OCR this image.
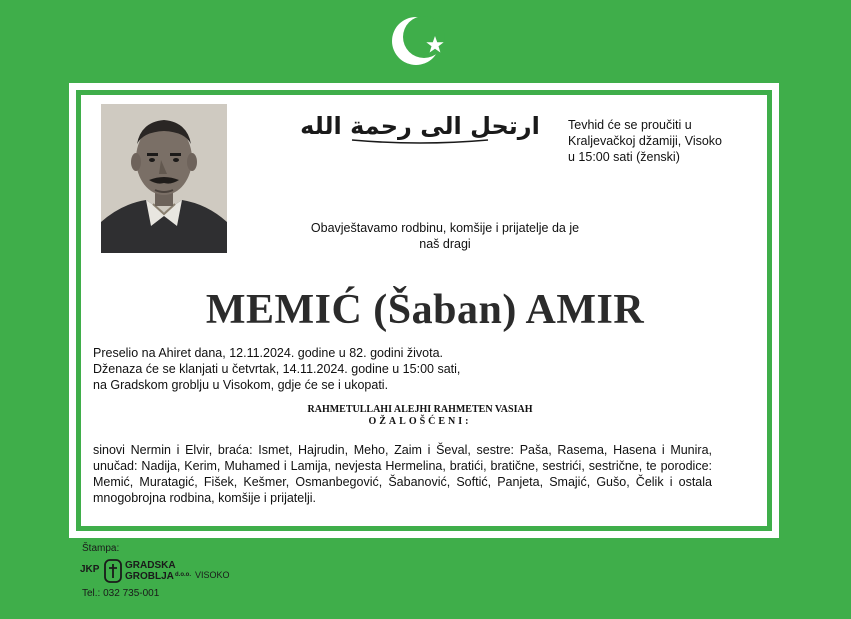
ارتحل الى رحمة الله Tevhid će se proučiti u
Kraljevačkoj džamiji, Visoko
u 15:00 sati (ženski)
Obavještavamo rodbinu, komšije i prijatelje da je
naš dragi
MEMIĆ (Šaban) AMIR
Preselio na Ahiret dana, 12.11.2024. godine u 82. godini života.
Dženaza će se klanjati u četvrtak, 14.11.2024. godine u 15:00 sati,
na Gradskom groblju u Visokom, gdje će se i ukopati.
RAHMETULLAHI ALEJHI RAHMETEN VASIAH
OŽALOŠĆENI:
sinovi Nermin i Elvir, braća: Ismet, Hajrudin, Meho, Zaim i Ševal, sestre: Paša, Rasema, Hasena i Munira, unučad: Nadija, Kerim, Muhamed i Lamija, nevjesta Hermelina, bratići, bratične, sestrići, sestrične, te porodice: Memić, Muratagić, Fišek, Kešmer, Osmanbegović, Šabanović, Softić, Panjeta, Smajić, Gušo, Čelik i ostala mnogobrojna rodbina, komšije i prijatelji.
Štampa:
JKP	GRADSKA
GROBLJA d.o.o. VISOKO
Tel.: 032 735-001
